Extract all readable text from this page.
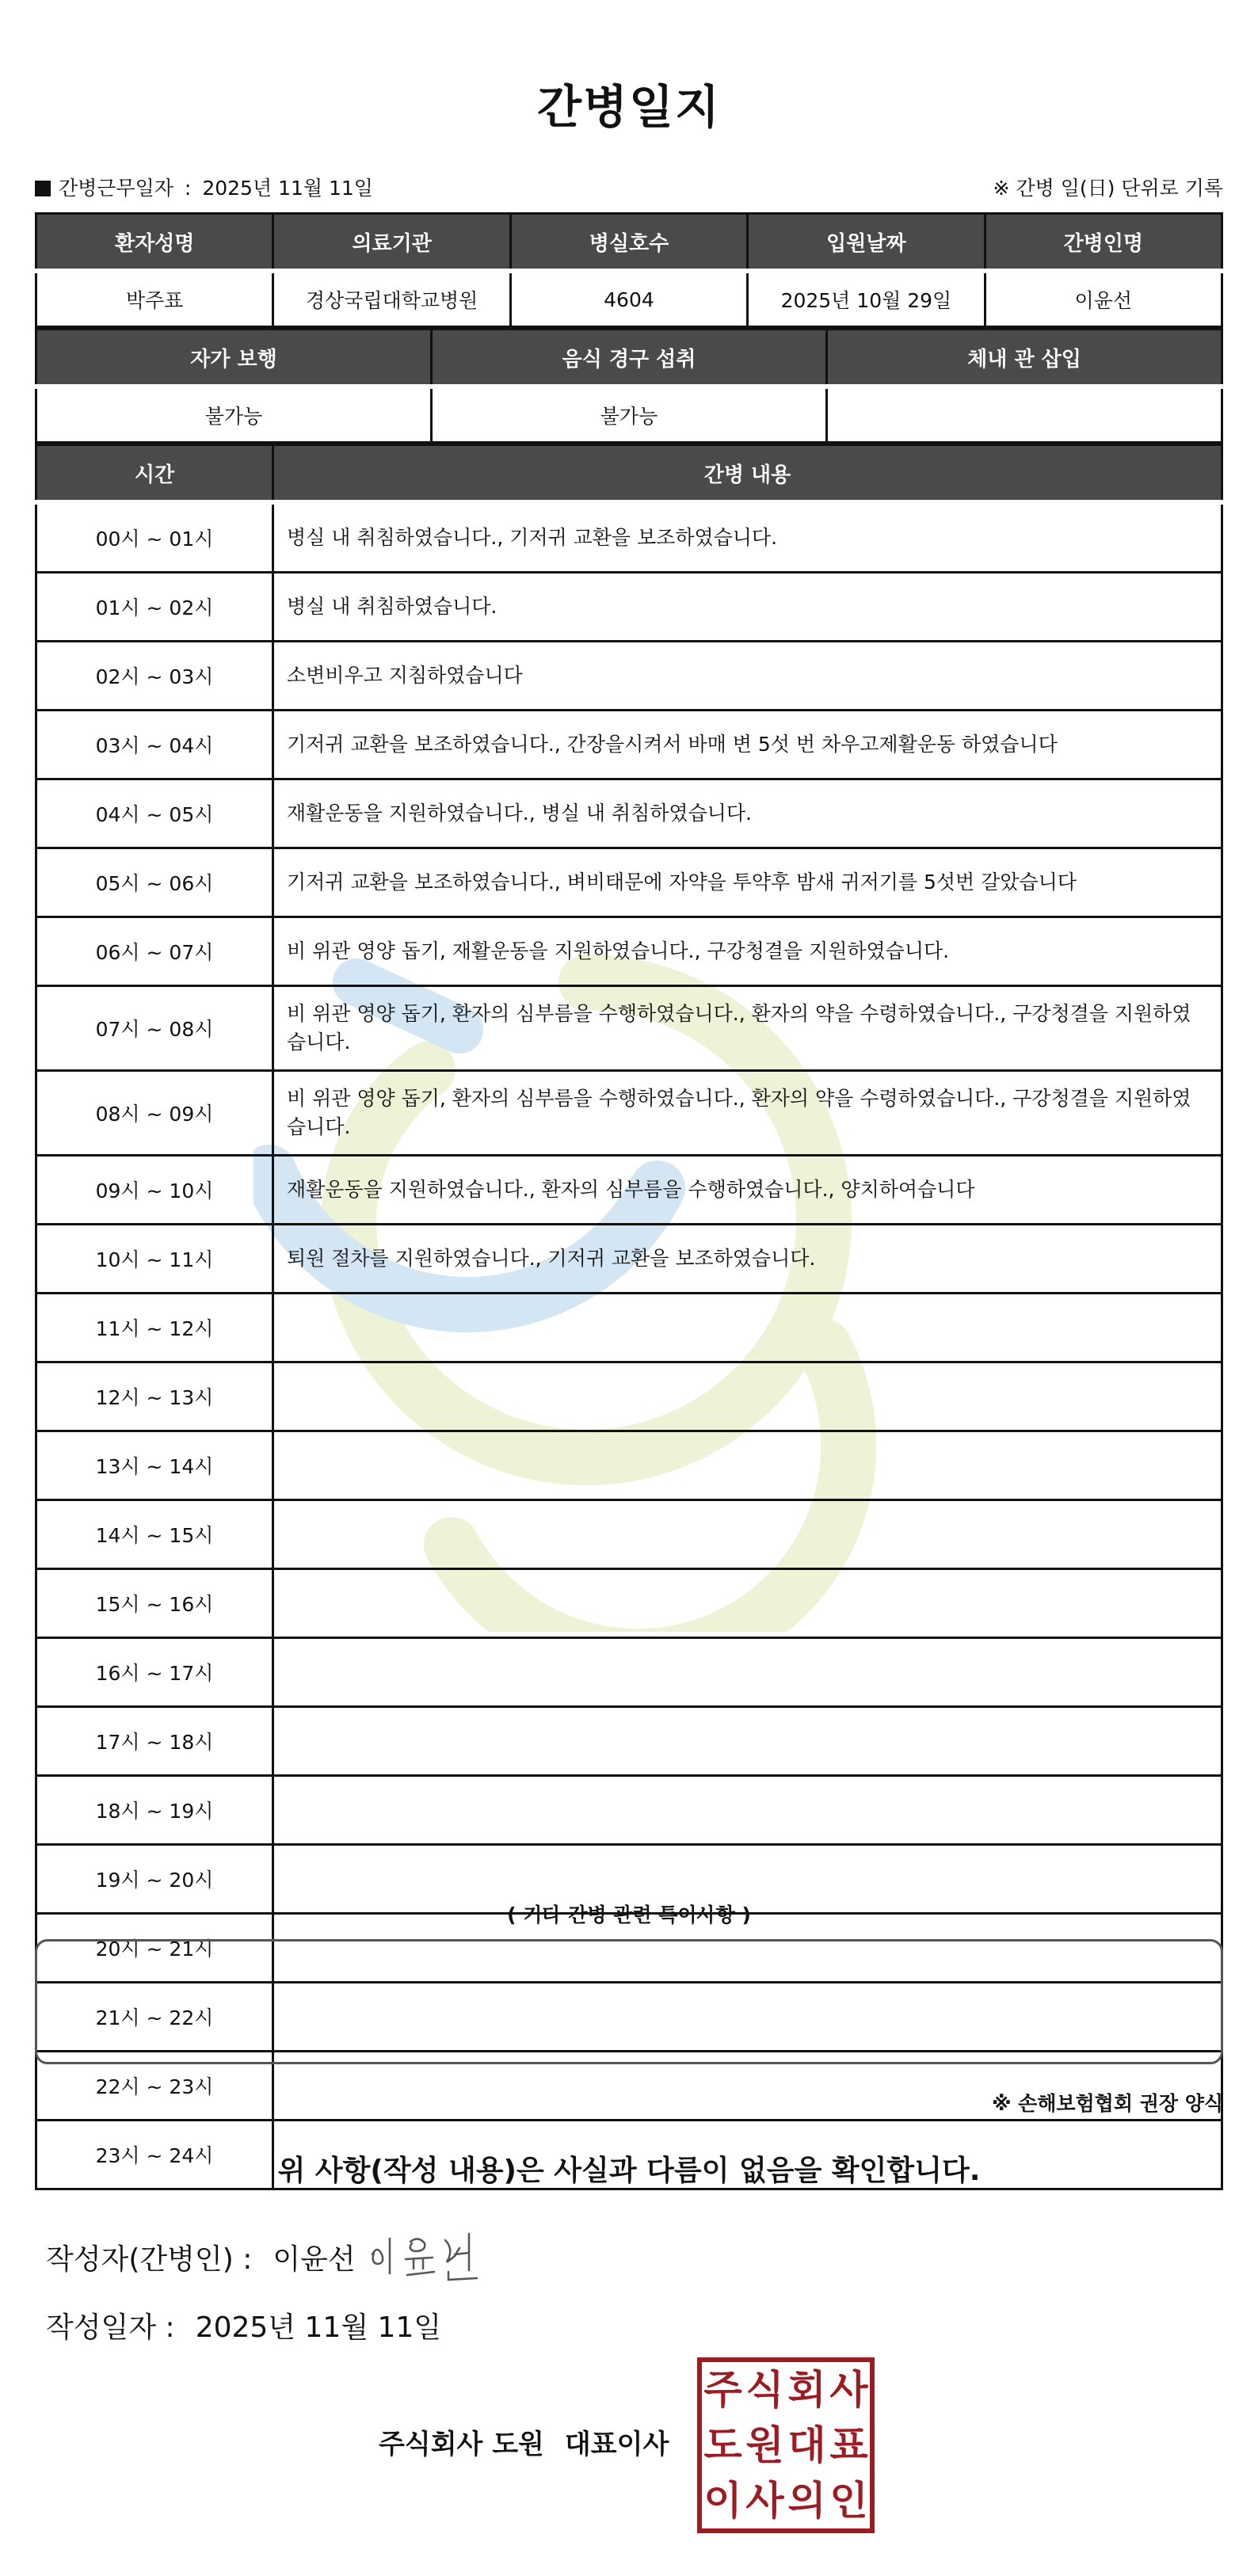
간병일지
간병근무일자 : 2025년 11월 11일	※ 간병 일(日) 단위로 기록
환자성명	의료기관	병실호수	입원날짜	간병인명
박주표	경상국립대학교병원	4604	2025년 10월 29일	이윤선
자가 보행	음식 경구 섭취	체내 관 삽입
불가능	불가능	
시간	간병 내용
00시 ~ 01시	병실 내 취침하였습니다., 기저귀 교환을 보조하였습니다.
01시 ~ 02시	병실 내 취침하였습니다.
02시 ~ 03시	소변비우고 지침하였습니다
03시 ~ 04시	기저귀 교환을 보조하였습니다., 간장을시켜서 바매 변 5섯 번 차우고제활운동 하였습니다
04시 ~ 05시	재활운동을 지원하였습니다., 병실 내 취침하였습니다.
05시 ~ 06시	기저귀 교환을 보조하였습니다., 벼비태문에 자약을 투약후 밤새 귀저기를 5섯번 갈았습니다
06시 ~ 07시	비 위관 영양 돕기, 재활운동을 지원하였습니다., 구강청결을 지원하였습니다.
07시 ~ 08시	비 위관 영양 돕기, 환자의 심부름을 수행하였습니다., 환자의 약을 수령하였습니다., 구강청결을 지원하였습니다.
08시 ~ 09시	비 위관 영양 돕기, 환자의 심부름을 수행하였습니다., 환자의 약을 수령하였습니다., 구강청결을 지원하였습니다.
09시 ~ 10시	재활운동을 지원하였습니다., 환자의 심부름을 수행하였습니다., 양치하여습니다
10시 ~ 11시	퇴원 절차를 지원하였습니다., 기저귀 교환을 보조하였습니다.
11시 ~ 12시	
12시 ~ 13시	
13시 ~ 14시	
14시 ~ 15시	
15시 ~ 16시	
16시 ~ 17시	
17시 ~ 18시	
18시 ~ 19시	
19시 ~ 20시	
20시 ~ 21시	
21시 ~ 22시	
22시 ~ 23시	
23시 ~ 24시	
( 기타 간병 관련 특이사항 )
※ 손해보험협회 권장 양식
위 사항(작성 내용)은 사실과 다름이 없음을 확인합니다.
작성자(간병인) : 이윤선
작성일자 : 2025년 11월 11일
주식회사 도원 대표이사
주 식 회 사
도 원 대 표
이 사 의 인
